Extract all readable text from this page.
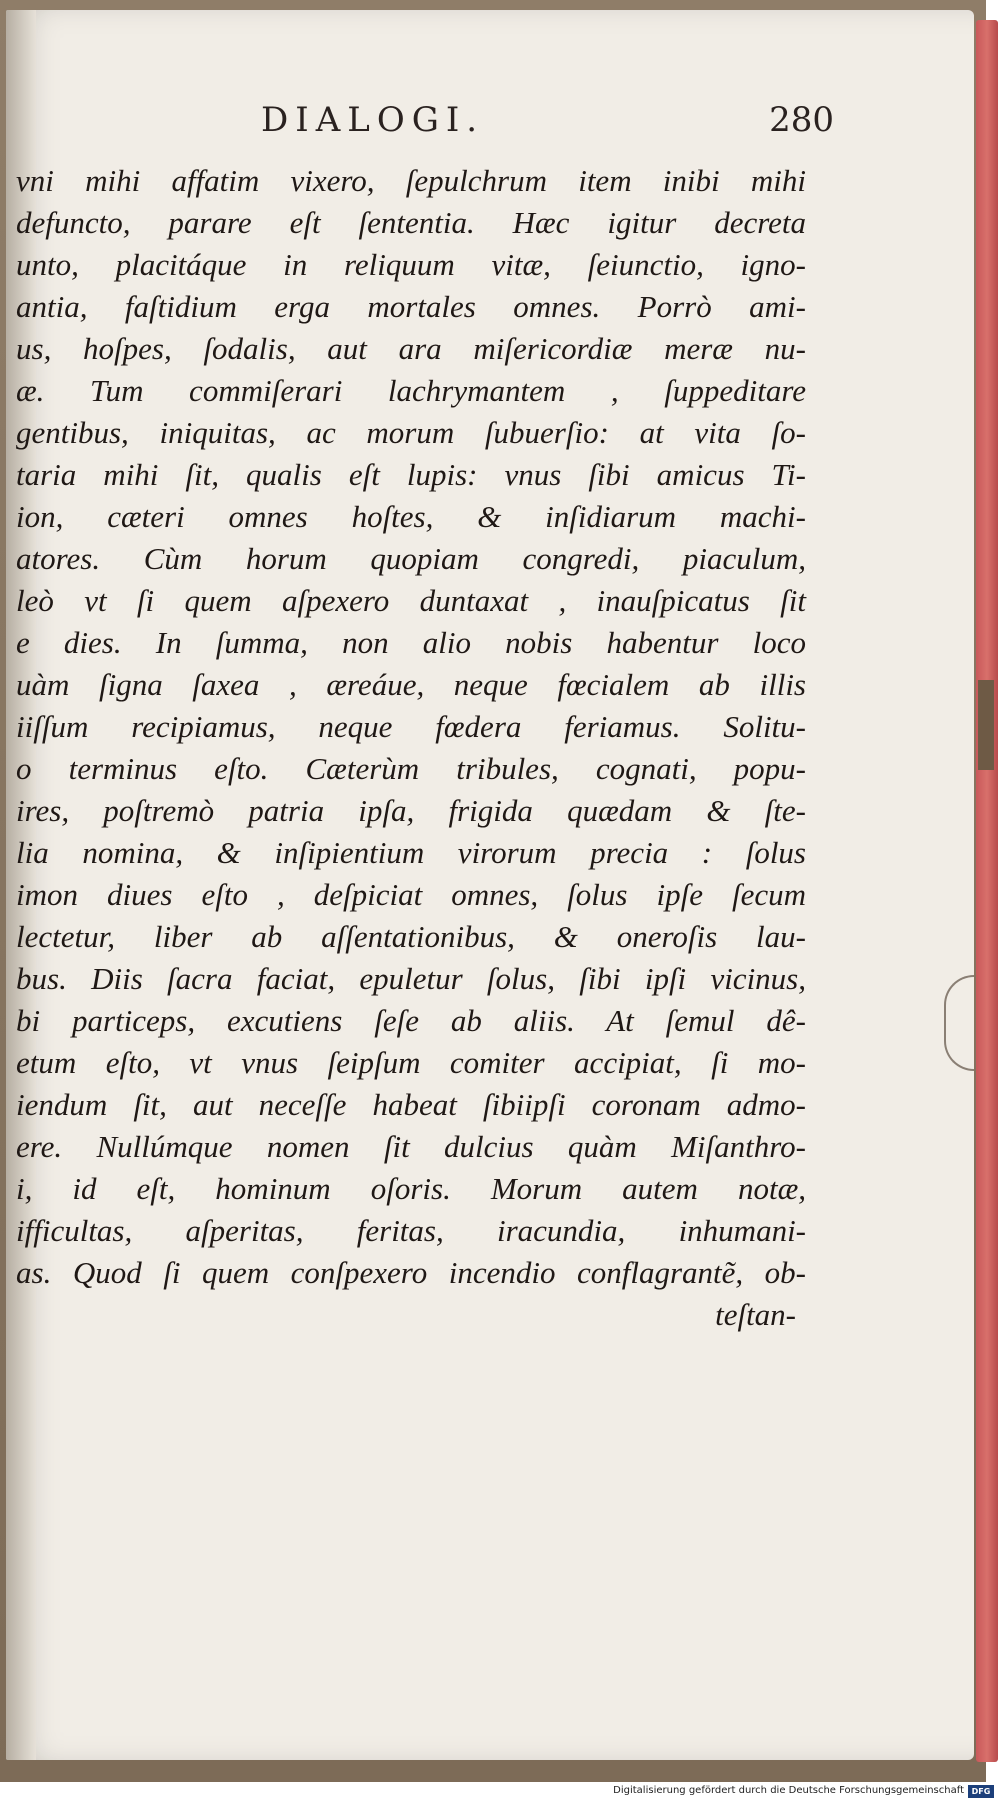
DIALOGI.	280
vni mihi affatim vixero, ſepulchrum item inibi mihi
defuncto, parare eſt ſententia. Hæc igitur decreta
unto, placitáque in reliquum vitæ, ſeiunctio, igno-
antia, faſtidium erga mortales omnes. Porrò ami-
us, hoſpes, ſodalis, aut ara miſericordiæ meræ nu-
æ. Tum commiſerari lachrymantem , ſuppeditare
gentibus, iniquitas, ac morum ſubuerſio: at vita ſo-
taria mihi ſit, qualis eſt lupis: vnus ſibi amicus Ti-
ion, cæteri omnes hoſtes, & inſidiarum machi-
atores. Cùm horum quopiam congredi, piaculum,
leò vt ſi quem aſpexero duntaxat , inauſpicatus ſit
e dies. In ſumma, non alio nobis habentur loco
uàm ſigna ſaxea , æreáue, neque fœcialem ab illis
iiſſum recipiamus, neque fœdera feriamus. Solitu-
o terminus eſto. Cæterùm tribules, cognati, popu-
ires, poſtremò patria ipſa, frigida quædam & ſte-
lia nomina, & inſipientium virorum precia : ſolus
imon diues eſto , deſpiciat omnes, ſolus ipſe ſecum
lectetur, liber ab aſſentationibus, & oneroſis lau-
bus. Diis ſacra faciat, epuletur ſolus, ſibi ipſi vicinus,
bi particeps, excutiens ſeſe ab aliis. At ſemul dê-
etum eſto, vt vnus ſeipſum comiter accipiat, ſi mo-
iendum ſit, aut neceſſe habeat ſibiipſi coronam admo-
ere. Nullúmque nomen ſit dulcius quàm Miſanthro-
i, id eſt, hominum oſoris. Morum autem notæ,
ifficultas, aſperitas, feritas, iracundia, inhumani-
as. Quod ſi quem conſpexero incendio conflagrantẽ, ob-
teſtan-
Digitalisierung gefördert durch die Deutsche Forschungsgemeinschaft DFG
